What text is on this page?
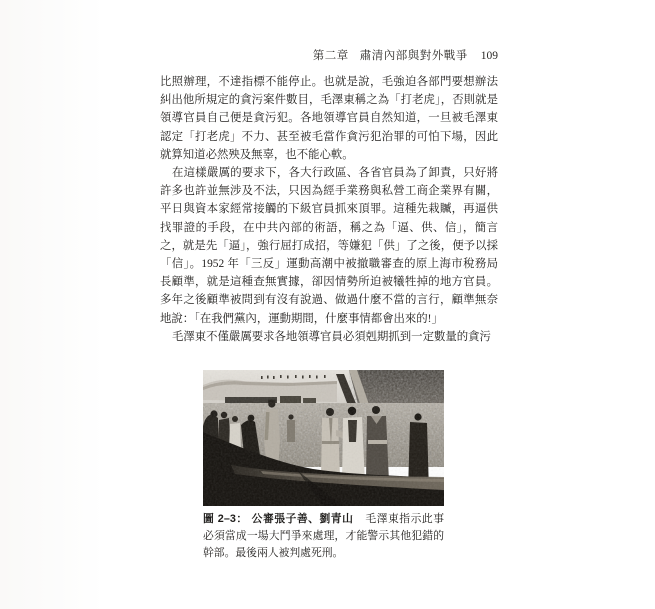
第二章 肅清內部與對外戰爭 109

比照辦理，不達指標不能停止。也就是說，毛強迫各部門要想辦法糾出他所規定的貪污案件數目，毛澤東稱之為「打老虎」，否則就是領導官員自己便是貪污犯。各地領導官員自然知道，一旦被毛澤東認定「打老虎」不力、甚至被毛當作貪污犯治罪的可怕下場，因此就算知道必然殃及無辜，也不能心軟。

在這樣嚴厲的要求下，各大行政區、各省官員為了卸責，只好將許多也許並無涉及不法，只因為經手業務與私營工商企業界有關，平日與資本家經常接觸的下級官員抓來頂罪。這種先栽贓，再逼供找罪證的手段，在中共內部的術語，稱之為「逼、供、信」，簡言之，就是先「逼」，強行屈打成招，等嫌犯「供」了之後，便予以採「信」。1952 年「三反」運動高潮中被撤職審查的原上海市稅務局長顧準，就是這種查無實據，卻因情勢所迫被犧牲掉的地方官員。多年之後顧準被問到有沒有說過、做過什麼不當的言行，顧準無奈地說：「在我們黨內，運動期間，什麼事情都會出來的!」

毛澤東不僅嚴厲要求各地領導官員必須剋期抓到一定數量的貪污

圖 2–3： 公審張子善、劉青山 毛澤東指示此事必須當成一場大鬥爭來處理，才能警示其他犯錯的幹部。最後兩人被判處死刑。
